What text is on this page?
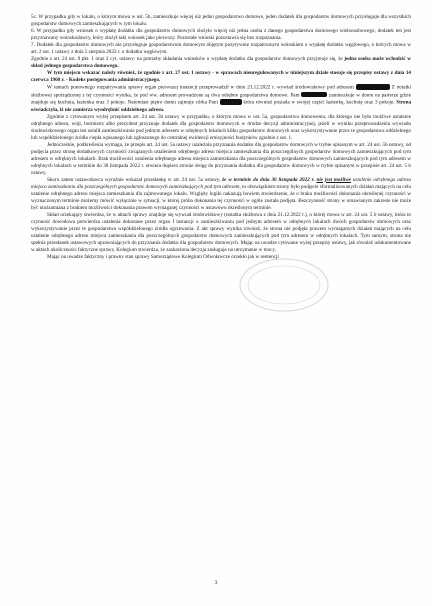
5c. W przypadku gdy w lokalu, o którym mowa w ust. 5b, zamieszkuje więcej niż jedno gospodarstwo domowe, jeden dodatek dla gospodarstw domowych przysługuje dla wszystkich gospodarstw domowych zamieszkujących w tym lokalu.

6. W przypadku gdy wniosek o wypłatę dodatku dla gospodarstw domowych złożyło więcej niż jedna osoba z danego gospodarstwa domowego wieloosobowego, dodatek ten jest przyznawany wnioskodawcy, który złożył taki wniosek jako pierwszy. Pozostałe wnioski pozostawia się bez rozpoznania.

7. Dodatek dla gospodarstw domowych nie przysługuje gospodarstwom domowym objętym pozytywnie rozpatrzonym wnioskiem o wypłatę dodatku węglowego, o których mowa w art. 2 ust. 1 ustawy z dnia 5 sierpnia 2022 r. o dodatku węglowym.

Zgodnie z art. 24 ust. 9 pkt. 1 oraz 2 cyt. ustawy: na potrzeby składania wniosków o wypłatę dodatku dla gospodarstw domowych przyjmuje się, że jedna osoba może wchodzić w skład jednego gospodarstwa domowego.

W tym miejscu wskazać należy również, że zgodnie z art. 27 ust. 1 ustawy - w sprawach nieuregulowanych w niniejszym dziale stosuje się przepisy ustawy z dnia 14 czerwca 1960 r. - Kodeks postępowania administracyjnego.

W ramach ponownego rozpatrywania sprawy organ pierwszej instancji przeprowadził w dniu 21.12.2022 r. wywiad środowiskowy pod adresem	Z notatki służbowej sporządzonej z tej czynności wynika, że pod ww. adresem prowadzone są dwa odrębne gospodarstwa domowe. Pani	zamieszkuje w domu na parterze gdzie znajduje się kuchnia, łazienka oraz 3 pokoje. Natomiast piętro domu zajmuje córka Pani	która również posiada w swojej części łazienkę, kuchnię oraz 3 pokoje. Strona oświadczyła, iż nie zamierza wyodrębnić oddzielnego adresu.

Zgodnie z cytowanym wyżej przepisem art. 24 ust. 5b ustawy w przypadku, o którym mowa w ust. 5a, gospodarstwu domowemu, dla którego nie było możliwe ustalenie odrębnego adresu, wójt, burmistrz albo prezydent przyznaje dodatek dla gospodarstw domowych w drodze decyzji administracyjnej, jeżeli w wyniku przeprowadzenia wywiadu środowiskowego organ ten ustalił zamieszkiwanie pod jednym adresem w odrębnych lokalach kilku gospodarstw domowych oraz wykorzystywanie przez te gospodarstwa oddzielnego lub współdzielonego źródła ciepła wpisanego lub zgłoszonego do centralnej ewidencji emisyjności budynków zgodnie z ust. 1.

Jednocześnie, podkreślenia wymaga, że przepis art. 24 ust. 5a ustawy uzależnia przyznania dodatku dla gospodarstw domowych w trybie opisanym w art. 24 ust. 5b ustawy, od podjęcia przez stronę dodatkowych czynności związanych ustaleniem odrębnego adresu miejsca zamieszkania dla poszczególnych gospodarstw domowych zamieszkujących pod tym adresem w odrębnych lokalach. Brak możliwości ustalenia odrębnego adresu miejsca zamieszkania dla poszczególnych gospodarstw domowych zamieszkujących pod tym adresem w odrębnych lokalach w terminie do 30 listopada 2022 r. otwiera dopiero stronie drogę do przyznania dodatku dla gospodarstw domowych w trybie opisanym w przepisie art. 24 ust. 5 b ustawy.

Skoro zatem ustawodawca wyraźnie wskazał przesłankę w art. 24 ust. 5a ustawy, że w terminie do dnia 30 listopada 2022 r. nie jest możliwe ustalenie odrębnego adresu miejsca zamieszkania dla poszczególnych gospodarstw domowych zamieszkujących pod tym adresem, to obowiązkiem strony było podjęcie sformalizowanych działań mających na celu ustalenie odrębnego adresu miejsca zamieszkania dla zajmowanego lokalu. Względy logiki nakazują bowiem stwierdzenie, że o braku możliwości dokonania określonej czynności w wyznaczonym terminie możemy mówić wyłącznie w sytuacji, w której próba dokonania tej czynności w ogóle została podjęta. Bezczynność strony w omawianym zakresie nie może być utożsamiana z brakiem możliwości dokonania prawem wymaganej czynności w ustawowo określonym terminie.

Skład orzekający stwierdza, że w aktach sprawy znajduje się wywiad środowiskowy (notatka służbowa z dnia 21.12.2022 r.), o której mowa w art. 24 ust. 5 b ustawy, która to czynność dowodowa potwierdza ustalenia dokonane przez organ I instancji o zamieszkiwaniu pod jednym adresem w odrębnych lokalach dwóch gospodarstw domowych oraz wykorzystywanie przez te gospodarstwa współdzielonego źródła ogrzewania. Z akt sprawy wynika również, że strona nie podjęła prawem wymaganych działań mających na celu ustalenie odrębnego adresu miejsca zamieszkania dla poszczególnych gospodarstw domowych zamieszkujących pod tym adresem w odrębnych lokalach. Tym samym, strona nie spełnia przesłanek ustawowych uprawniających do przyznania dodatku dla gospodarstw domowych. Mając na uwadze cytowane wyżej przepisy ustawy, jak również udokumentowane w aktach okoliczności faktyczne sprawy, Kolegium stwierdza, że zaskarżona decyzja zasługuje na utrzymanie w mocy.

Mając na uwadze faktyczny i prawny stan sprawy Samorządowe Kolegium Odwoławcze orzekło jak w sentencji

3
